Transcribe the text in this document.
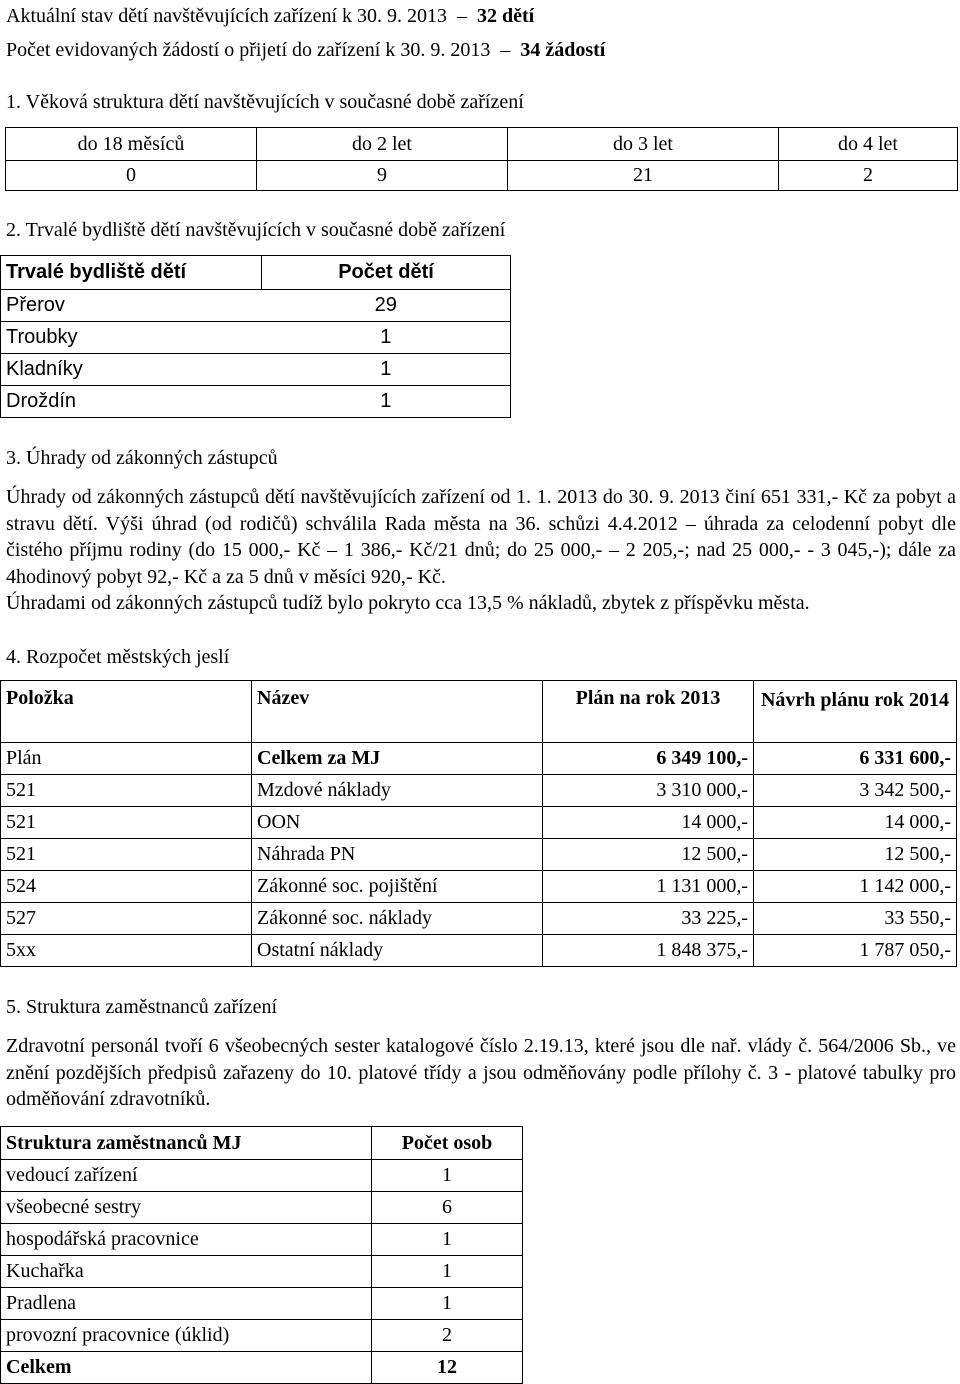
Aktuální stav dětí navštěvujících zařízení k 30. 9. 2013  –  32 dětí
Počet evidovaných žádostí o přijetí do zařízení k 30. 9. 2013  –  34 žádostí
1. Věková struktura dětí navštěvujících v současné době zařízení
do 18 měsíců	do 2 let	do 3 let	do 4 let
0	9	21	2
2. Trvalé bydliště dětí navštěvujících v současné době zařízení
Trvalé bydliště dětí	Počet dětí
Přerov	29
Troubky	1
Kladníky	1
Droždín	1
3. Úhrady od zákonných zástupců
Úhrady od zákonných zástupců dětí navštěvujících zařízení od 1. 1. 2013 do 30. 9. 2013 činí 651 331,- Kč za pobyt a stravu dětí. Výši úhrad (od rodičů) schválila Rada města na 36. schůzi 4.4.2012 – úhrada za celodenní pobyt dle čistého příjmu rodiny (do 15 000,- Kč – 1 386,- Kč/21 dnů; do 25 000,- – 2 205,-; nad 25 000,- - 3 045,-); dále za 4hodinový pobyt 92,- Kč a za 5 dnů v měsíci 920,- Kč.
Úhradami od zákonných zástupců tudíž bylo pokryto cca 13,5 % nákladů, zbytek z příspěvku města.
4. Rozpočet městských jeslí
Položka	Název	Plán na rok 2013	Návrh plánu rok 2014
Plán	Celkem za MJ	6 349 100,-	6 331 600,-
521	Mzdové náklady	3 310 000,-	3 342 500,-
521	OON	14 000,-	14 000,-
521	Náhrada PN	12 500,-	12 500,-
524	Zákonné soc. pojištění	1 131 000,-	1 142 000,-
527	Zákonné soc. náklady	33 225,-	33 550,-
5xx	Ostatní náklady	1 848 375,-	1 787 050,-
5. Struktura zaměstnanců zařízení
Zdravotní personál tvoří 6 všeobecných sester katalogové číslo 2.19.13, které jsou dle nař. vlády č. 564/2006 Sb., ve znění pozdějších předpisů zařazeny do 10. platové třídy a jsou odměňovány podle přílohy č. 3 - platové tabulky pro odměňování zdravotníků.
Struktura zaměstnanců MJ	Počet osob
vedoucí zařízení	1
všeobecné sestry	6
hospodářská pracovnice	1
Kuchařka	1
Pradlena	1
provozní pracovnice (úklid)	2
Celkem	12
